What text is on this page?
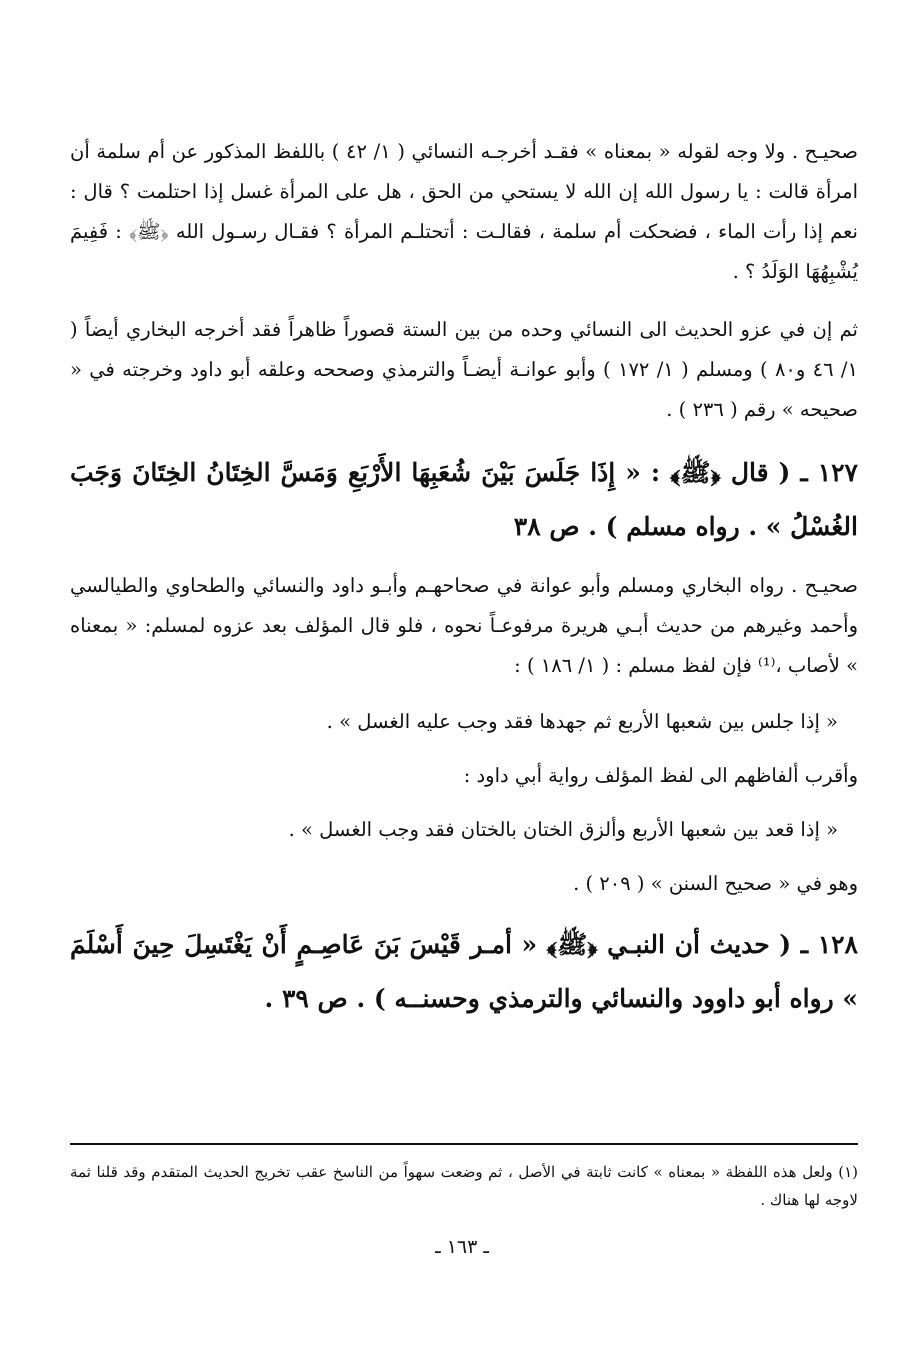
صحيـح . ولا وجه لقوله « بمعناه » فقـد أخرجـه النسائي ( ١/ ٤٢ ) باللفظ المذكور عن أم سلمة أن امرأة قالت : يا رسول الله إن الله لا يستحي من الحق ، هل على المرأة غسل إذا احتلمت ؟ قال : نعم إذا رأت الماء ، فضحكت أم سلمة ، فقالـت : أتحتلـم المرأة ؟ فقـال رسـول الله ﴿ﷺ﴾ : فَفِيمَ يُشْبِهُهَا الوَلَدُ ؟ .

ثم إن في عزو الحديث الى النسائي وحده من بين الستة قصوراً ظاهراً فقد أخرجه البخاري أيضاً ( ١/ ٤٦ و٨٠ ) ومسلم ( ١/ ١٧٢ ) وأبو عوانـة أيضـاً والترمذي وصححه وعلقه أبو داود وخرجته في « صحيحه » رقم ( ٢٣٦ ) .

١٢٧ ـ ( قال ﴿ﷺ﴾ : « إِذَا جَلَسَ بَيْنَ شُعَبِهَا الأَرْبَعِ وَمَسَّ الخِتَانُ الخِتَانَ وَجَبَ الغُسْلُ » . رواه مسلم ) . ص ٣٨

صحيـح . رواه البخاري ومسلم وأبو عوانة في صحاحهـم وأبـو داود والنسائي والطحاوي والطيالسي وأحمد وغيرهم من حديث أبـي هريرة مرفوعـاً نحوه ، فلو قال المؤلف بعد عزوه لمسلم: « بمعناه » لأصاب ،⁽¹⁾ فإن لفظ مسلم : ( ١/ ١٨٦ ) :

« إذا جلس بين شعبها الأربع ثم جهدها فقد وجب عليه الغسل » .

وأقرب ألفاظهم الى لفظ المؤلف رواية أبي داود :

« إذا قعد بين شعبها الأربع وألزق الختان بالختان فقد وجب الغسل » .

وهو في « صحيح السنن » ( ٢٠٩ ) .

١٢٨ ـ ( حديث أن النبـي ﴿ﷺ﴾ « أمـر قَيْسَ بَنَ عَاصِـمٍ أَنْ يَغْتَسِلَ حِينَ أَسْلَمَ » رواه أبو داوود والنسائي والترمذي وحسنــه ) . ص ٣٩ .

(١) ولعل هذه اللفظة « بمعناه » كانت ثابتة في الأصل ، ثم وضعت سهواً من الناسخ عقب تخريج الحديث المتقدم وقد قلنا ثمة لاوجه لها هناك .
ـ ١٦٣ ـ
